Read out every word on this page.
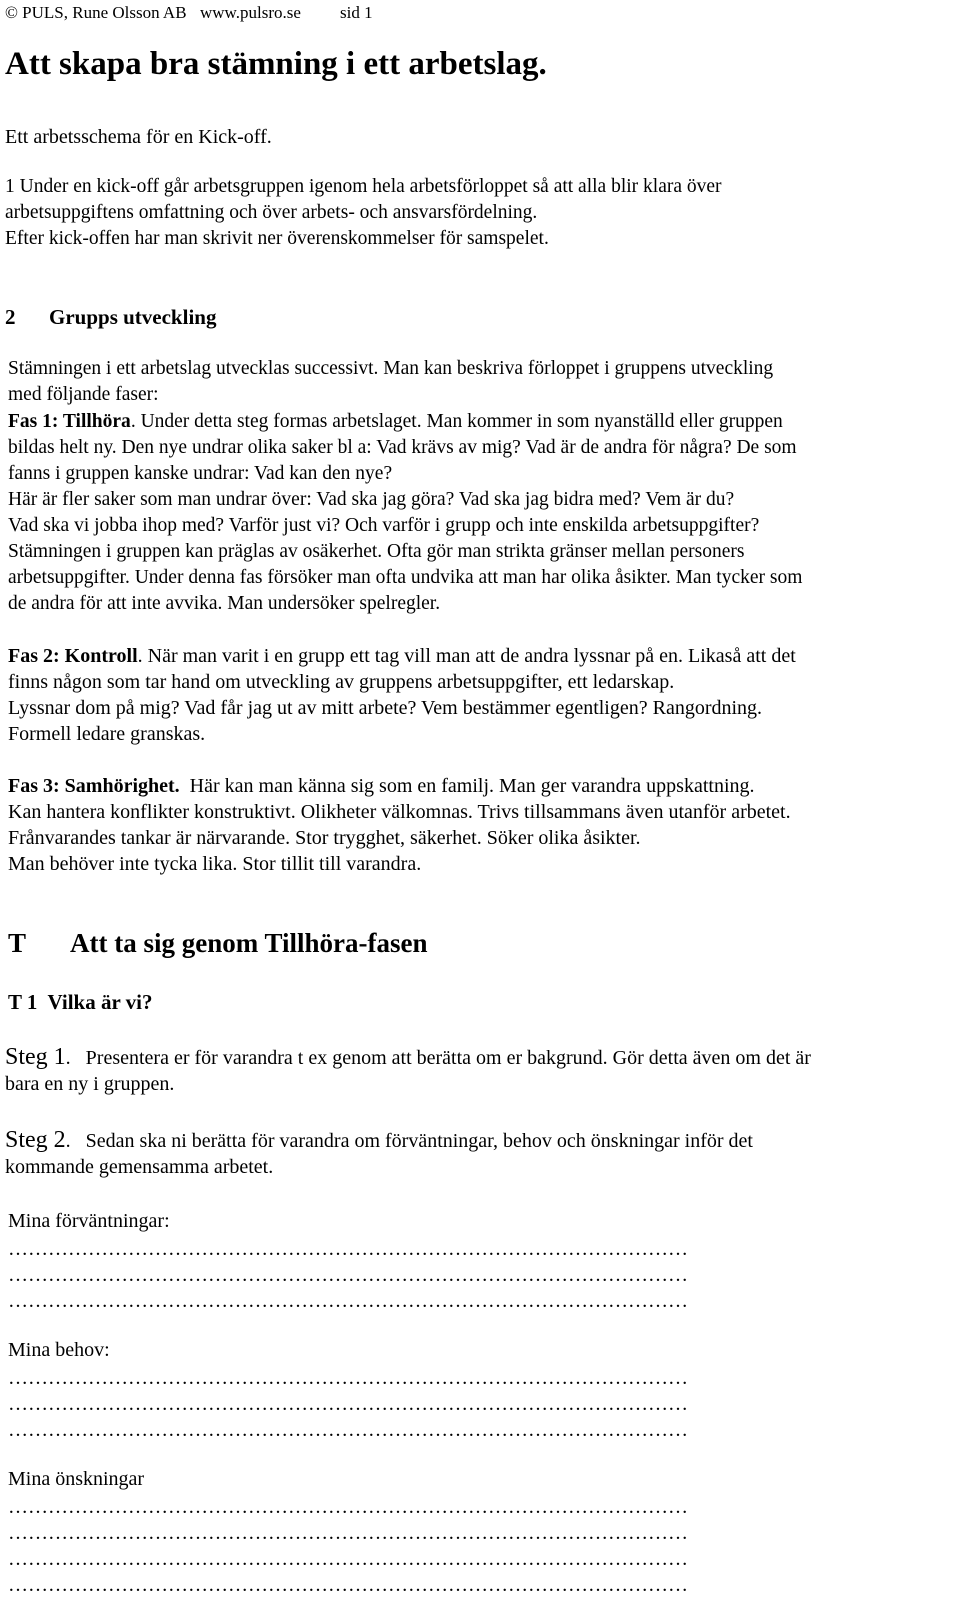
© PULS, Rune Olsson AB www.pulsro.se sid 1
Att skapa bra stämning i ett arbetslag.
Ett arbetsschema för en Kick-off.
1 Under en kick-off går arbetsgruppen igenom hela arbetsförloppet så att alla blir klara över
arbetsuppgiftens omfattning och över arbets- och ansvarsfördelning.
Efter kick-offen har man skrivit ner överenskommelser för samspelet.
2 Grupps utveckling
Stämningen i ett arbetslag utvecklas successivt. Man kan beskriva förloppet i gruppens utveckling
med följande faser:
Fas 1: Tillhöra. Under detta steg formas arbetslaget. Man kommer in som nyanställd eller gruppen
bildas helt ny. Den nye undrar olika saker bl a: Vad krävs av mig? Vad är de andra för några? De som
fanns i gruppen kanske undrar: Vad kan den nye?
Här är fler saker som man undrar över: Vad ska jag göra? Vad ska jag bidra med? Vem är du?
Vad ska vi jobba ihop med? Varför just vi? Och varför i grupp och inte enskilda arbetsuppgifter?
Stämningen i gruppen kan präglas av osäkerhet. Ofta gör man strikta gränser mellan personers
arbetsuppgifter. Under denna fas försöker man ofta undvika att man har olika åsikter. Man tycker som
de andra för att inte avvika. Man undersöker spelregler.
Fas 2: Kontroll. När man varit i en grupp ett tag vill man att de andra lyssnar på en. Likaså att det
finns någon som tar hand om utveckling av gruppens arbetsuppgifter, ett ledarskap.
Lyssnar dom på mig? Vad får jag ut av mitt arbete? Vem bestämmer egentligen? Rangordning.
Formell ledare granskas.
Fas 3: Samhörighet.  Här kan man känna sig som en familj. Man ger varandra uppskattning.
Kan hantera konflikter konstruktivt. Olikheter välkomnas. Trivs tillsammans även utanför arbetet.
Frånvarandes tankar är närvarande. Stor trygghet, säkerhet. Söker olika åsikter.
Man behöver inte tycka lika. Stor tillit till varandra.
T Att ta sig genom Tillhöra-fasen
T 1  Vilka är vi?
Steg 1.   Presentera er för varandra t ex genom att berätta om er bakgrund. Gör detta även om det är
bara en ny i gruppen.
Steg 2.   Sedan ska ni berätta för varandra om förväntningar, behov och önskningar inför det
kommande gemensamma arbetet.
Mina förväntningar:
…………………………………………………………………………………………
…………………………………………………………………………………………
…………………………………………………………………………………………
Mina behov:
…………………………………………………………………………………………
…………………………………………………………………………………………
…………………………………………………………………………………………
Mina önskningar
…………………………………………………………………………………………
…………………………………………………………………………………………
…………………………………………………………………………………………
…………………………………………………………………………………………
